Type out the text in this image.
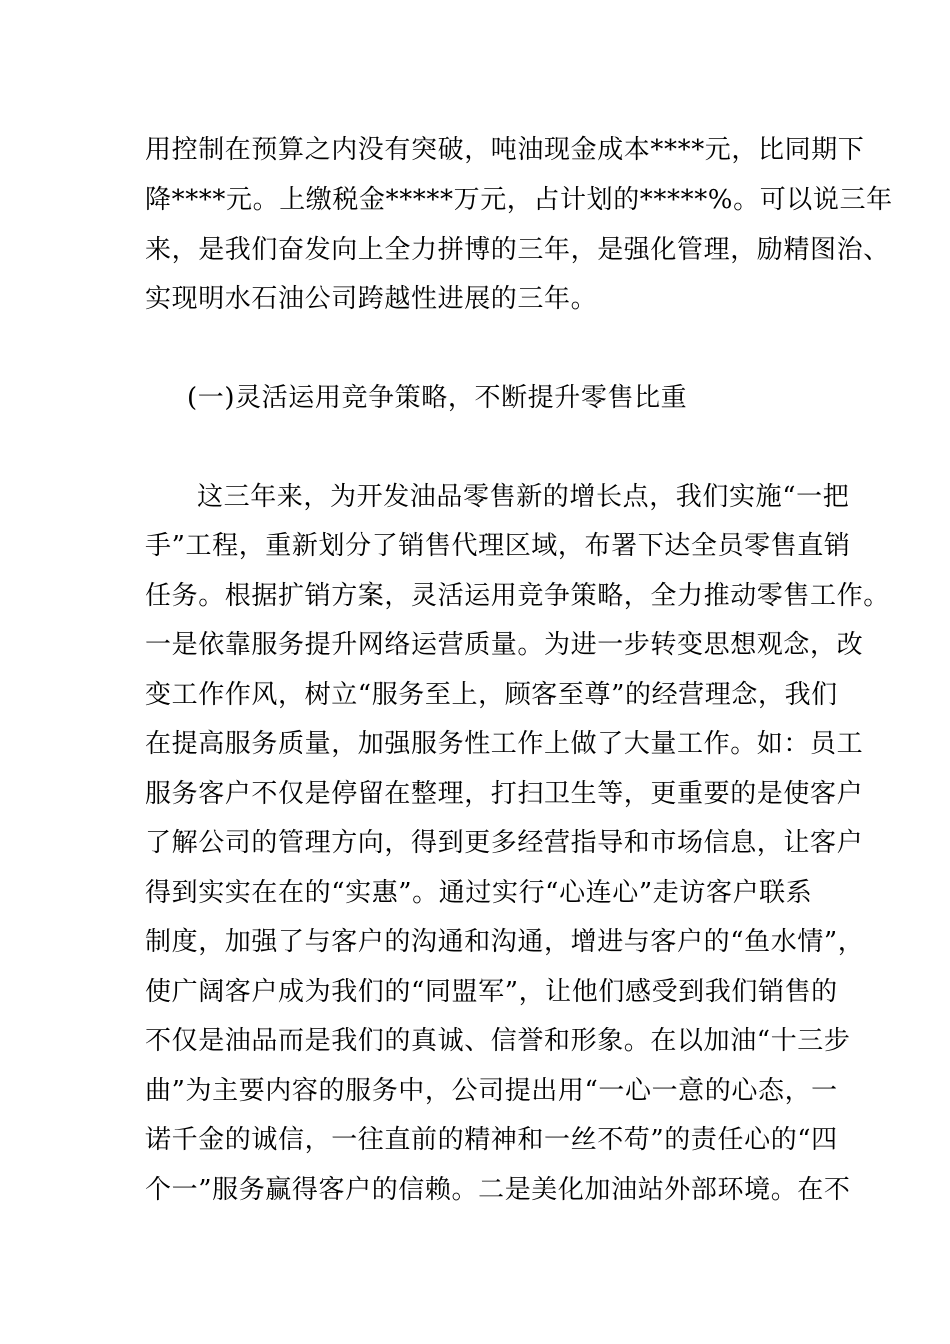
用控制在预算之内没有突破，吨油现金成本****元，比同期下
降****元。上缴税金*****万元，占计划的*****%。可以说三年
来，是我们奋发向上全力拼博的三年，是强化管理，励精图治、
实现明水石油公司跨越性进展的三年。
(一)灵活运用竞争策略，不断提升零售比重
这三年来，为开发油品零售新的增长点，我们实施“一把
手”工程，重新划分了销售代理区域，布署下达全员零售直销
任务。根据扩销方案，灵活运用竞争策略，全力推动零售工作。
一是依靠服务提升网络运营质量。为进一步转变思想观念，改
变工作作风，树立“服务至上，顾客至尊”的经营理念，我们
在提高服务质量，加强服务性工作上做了大量工作。如：员工
服务客户不仅是停留在整理，打扫卫生等，更重要的是使客户
了解公司的管理方向，得到更多经营指导和市场信息，让客户
得到实实在在的“实惠”。通过实行“心连心”走访客户联系
制度，加强了与客户的沟通和沟通，增进与客户的“鱼水情”，
使广阔客户成为我们的“同盟军”，让他们感受到我们销售的
不仅是油品而是我们的真诚、信誉和形象。在以加油“十三步
曲”为主要内容的服务中，公司提出用“一心一意的心态，一
诺千金的诚信，一往直前的精神和一丝不苟”的责任心的“四
个一”服务赢得客户的信赖。二是美化加油站外部环境。在不
